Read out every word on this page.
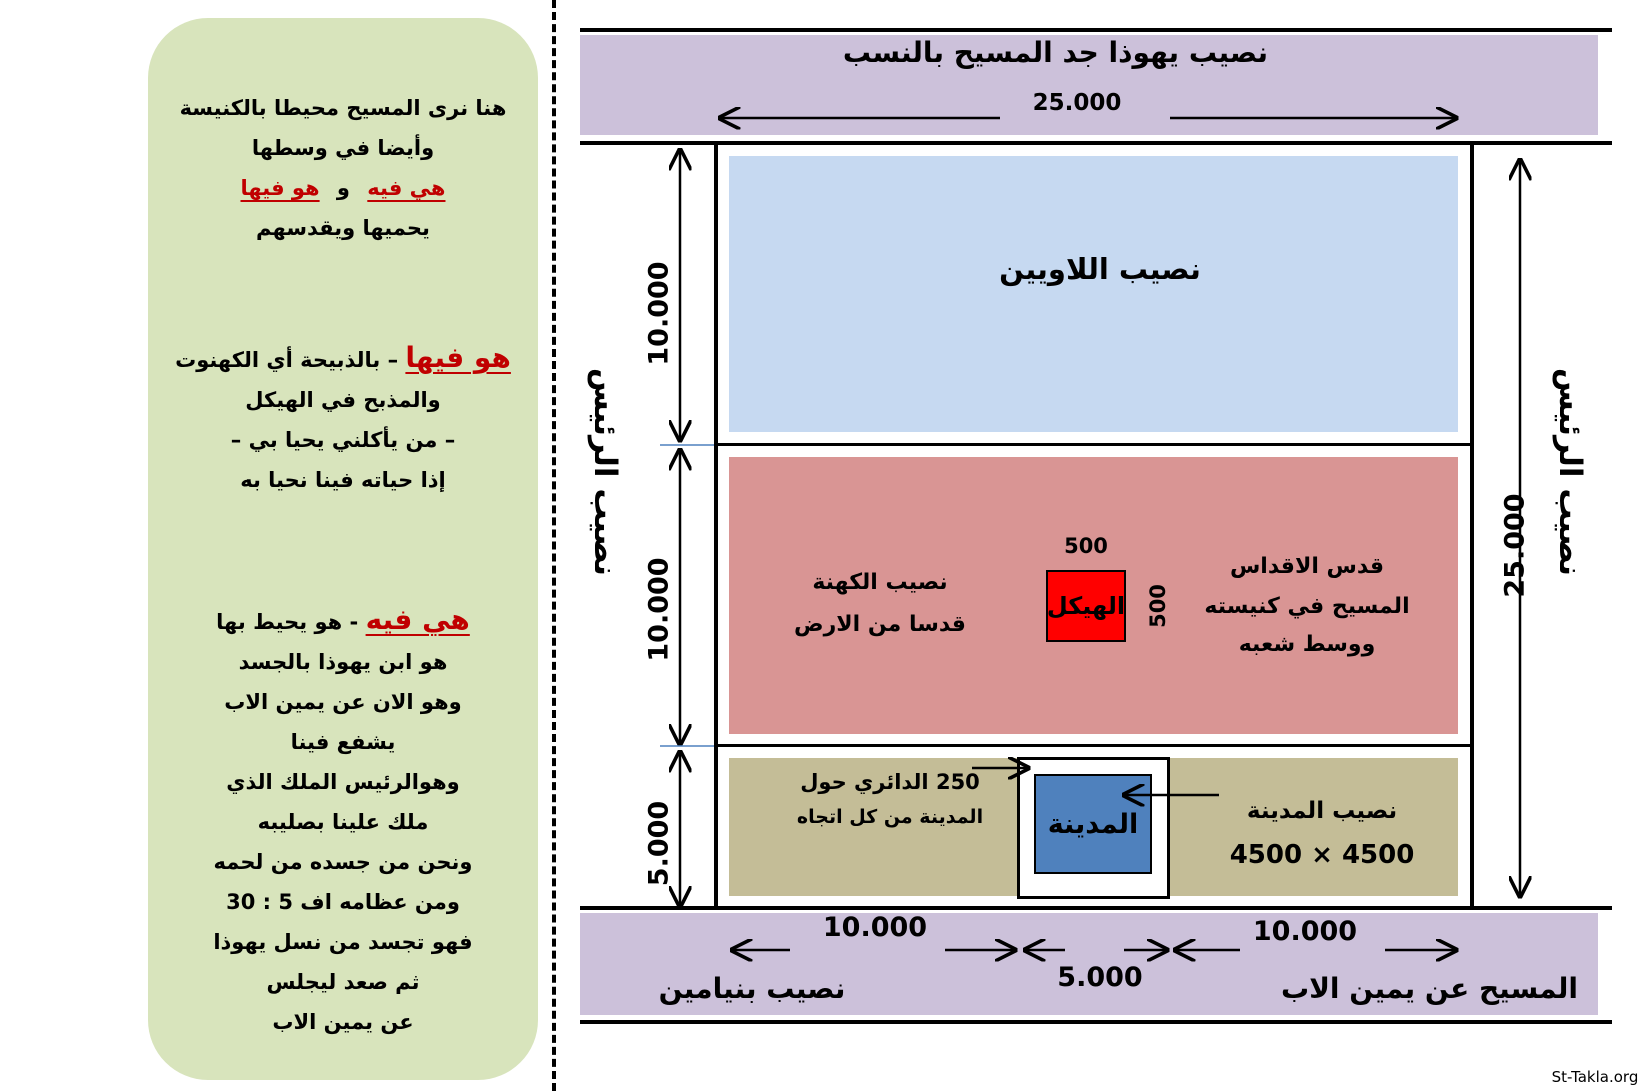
هنا نرى المسيح محيطا بالكنيسة
وأيضا في وسطها
هي فيه و هو فيها
يحميها ويقدسهم
هو فيها – بالذبيحة أي الكهنوت
والمذبح في الهيكل
– من يأكلني يحيا بي –
إذا حياته فينا نحيا به
هي فيه - هو يحيط بها
هو ابن يهوذا بالجسد
وهو الان عن يمين الاب
يشفع فينا
وهوالرئيس الملك الذي
ملك علينا بصليبه
ونحن من جسده من لحمه
ومن عظامه اف 5 : 30
فهو تجسد من نسل يهوذا
ثم صعد ليجلس
عن يمين الاب
الهيكل
المدينة
نصيب يهوذا جد المسيح بالنسب
25.000
نصيب اللاويين
نصيب الكهنة
قدسا من الارض
قدس الاقداس
المسيح في كنيسته
ووسط شعبه
500
500
250 الدائري حول
المدينة من كل اتجاه	نصيب المدينة
4500 × 4500
10.000
10.000
5.000
نصيب الرئيس	نصيب الرئيس
25.000
10.000
5.000
10.000
نصيب بنيامين	المسيح عن يمين الاب
St-Takla.org
